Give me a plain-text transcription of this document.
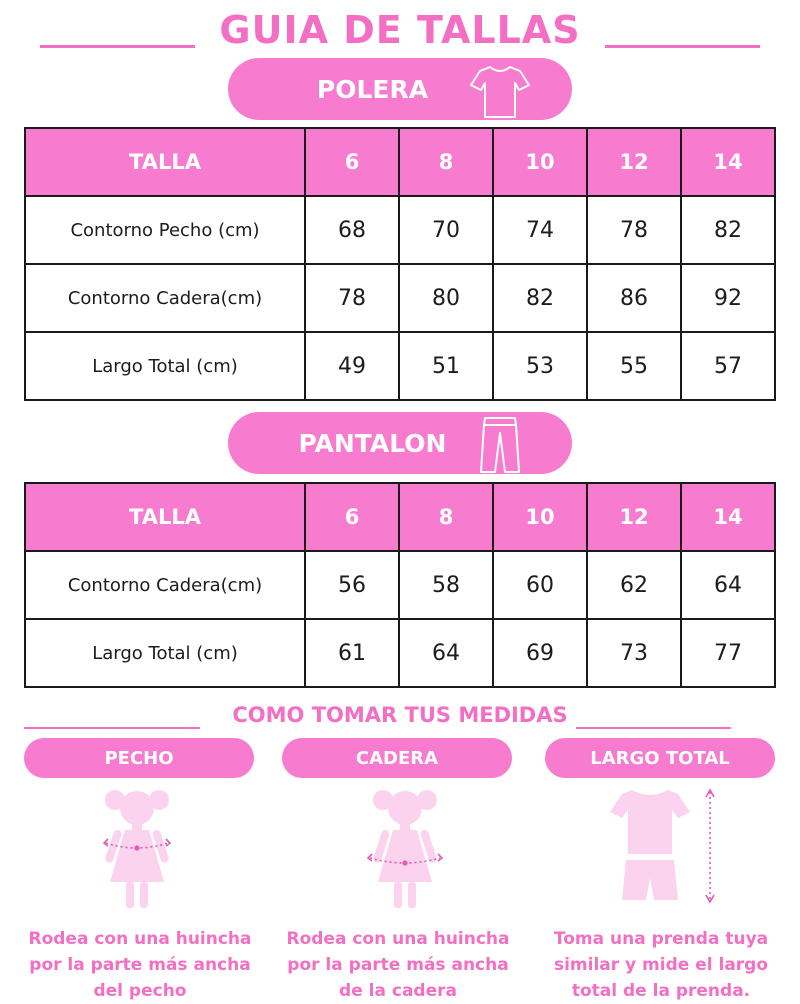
GUIA DE TALLAS
POLERA
TALLA	6	8	10	12	14
Contorno Pecho (cm)	68	70	74	78	82
Contorno Cadera(cm)	78	80	82	86	92
Largo Total (cm)	49	51	53	55	57
PANTALON
TALLA	6	8	10	12	14
Contorno Cadera(cm)	56	58	60	62	64
Largo Total (cm)	61	64	69	73	77
COMO TOMAR TUS MEDIDAS
PECHO	CADERA	LARGO TOTAL
Rodea con una huincha
por la parte más ancha
del pecho
Rodea con una huincha
por la parte más ancha
de la cadera
Toma una prenda tuya
similar y mide el largo
total de la prenda.
